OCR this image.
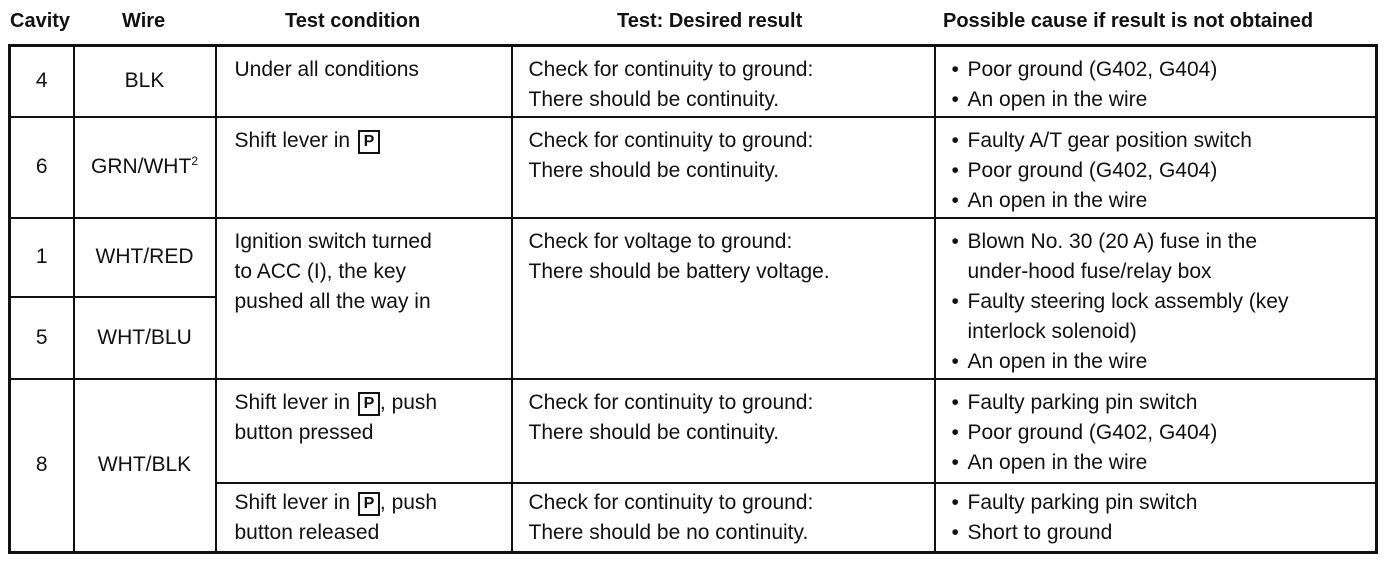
Cavity	Wire	Test condition	Test: Desired result	Possible cause if result is not obtained
4	BLK	Under all conditions	Check for continuity to ground:
There should be continuity.	• Poor ground (G402, G404)
• An open in the wire

6	GRN/WHT$^2$	Shift lever in P	Check for continuity to ground:
There should be continuity.	• Faulty A/T gear position switch
• Poor ground (G402, G404)
• An open in the wire

1	WHT/RED	Ignition switch turned
to ACC (I), the key
pushed all the way in	Check for voltage to ground:
There should be battery voltage.	• Blown No. 30 (20 A) fuse in the
under-hood fuse/relay box
• Faulty steering lock assembly (key
interlock solenoid)
• An open in the wire

5	WHT/BLU			
8	WHT/BLK	Shift lever in P , push
button pressed	Check for continuity to ground:
There should be continuity.	• Faulty parking pin switch
• Poor ground (G402, G404)
• An open in the wire

		Shift lever in P , push
button released	Check for continuity to ground:
There should be no continuity.	• Faulty parking pin switch
• Short to ground
